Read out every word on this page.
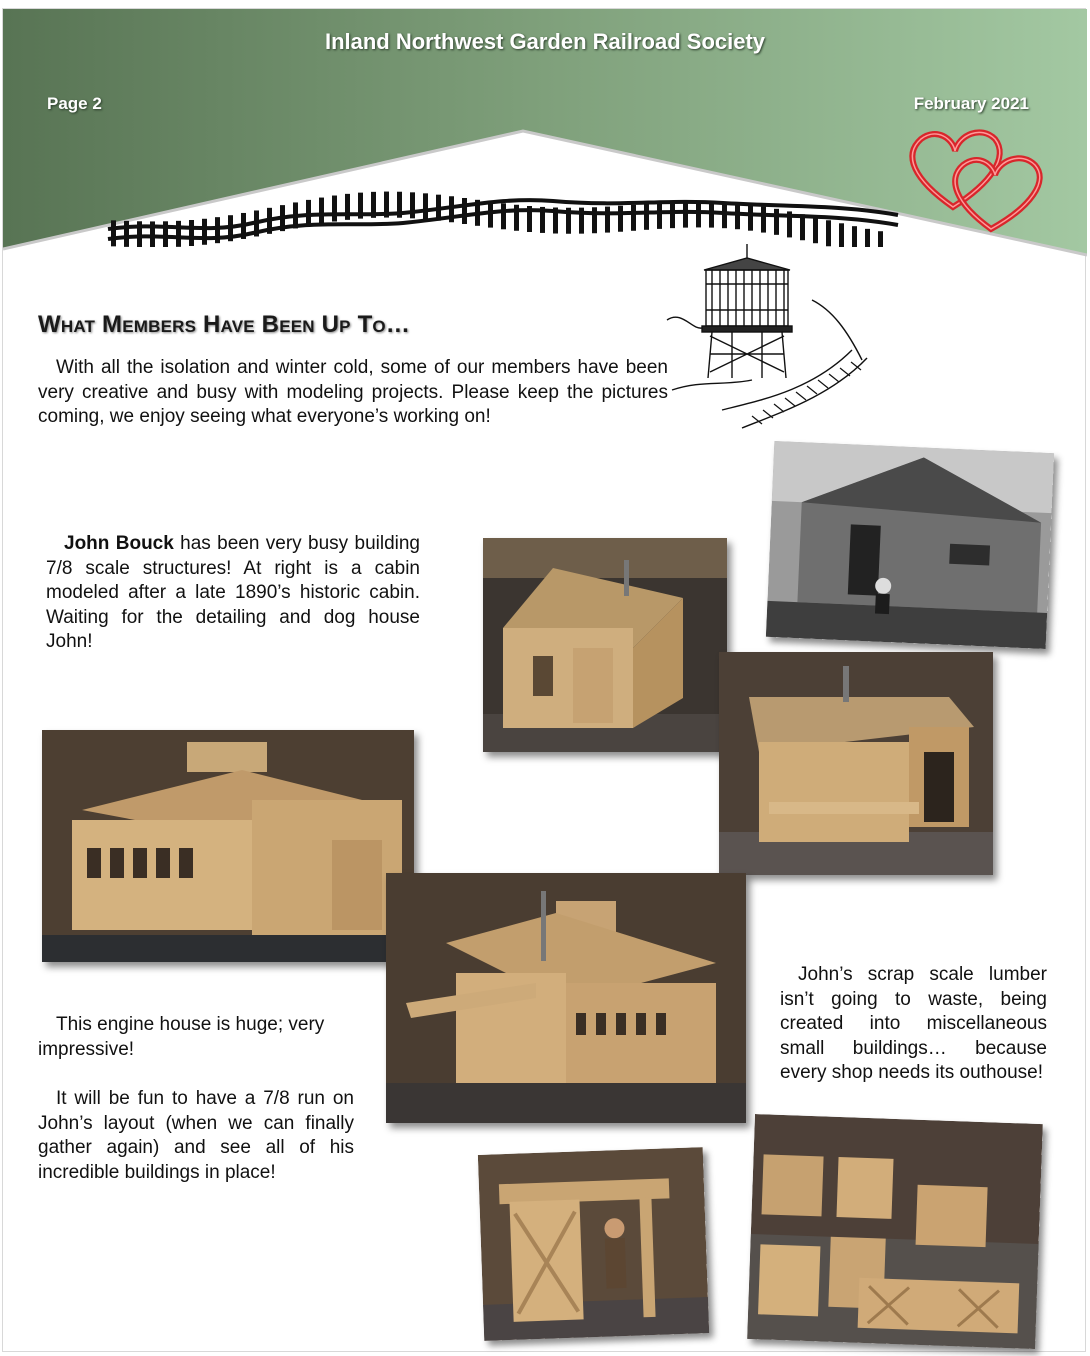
Inland Northwest Garden Railroad Society
Page 2	February 2021
What Members Have Been Up To…
With all the isolation and winter cold, some of our members have been very creative and busy with modeling projects. Please keep the pictures coming, we enjoy seeing what everyone’s working on!
John Bouck has been very busy building 7/8 scale structures! At right is a cabin modeled after a late 1890’s historic cabin. Waiting for the detailing and dog house John!
This engine house is huge; very impressive!
It will be fun to have a 7/8 run on John’s layout (when we can finally gather again) and see all of his incredible buildings in place!
John’s scrap scale lumber isn’t going to waste, being created into miscellaneous small buildings… because every shop needs its outhouse!
